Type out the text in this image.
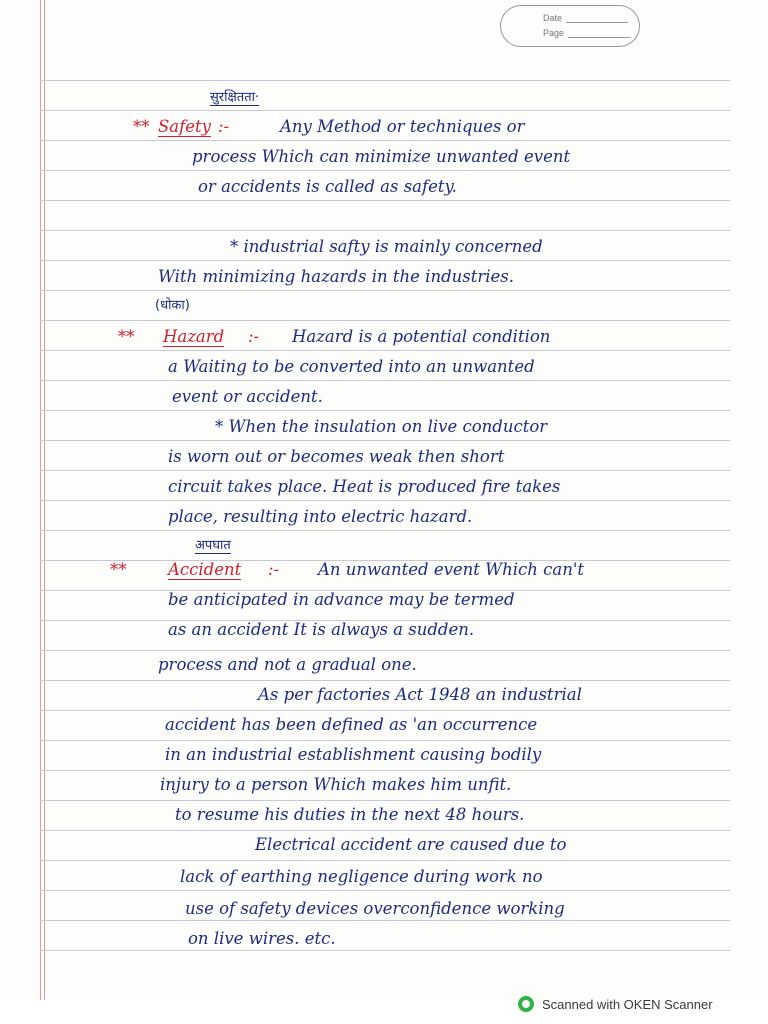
Date
Page
सुरक्षितता·
** Safety :-	Any Method or techniques or
process Which can minimize unwanted event
or accidents is called as safety.
* industrial safty is mainly concerned
With minimizing hazards in the industries.
(धोका)
** Hazard :- Hazard is a potential condition
a Waiting to be converted into an unwanted
event or accident.
* When the insulation on live conductor
is worn out or becomes weak then short
circuit takes place. Heat is produced fire takes
place, resulting into electric hazard.
अपघात
**	Accident :- An unwanted event Which can't
be anticipated in advance may be termed
as an accident It is always a sudden.
process and not a gradual one.
As per factories Act 1948 an industrial
accident has been defined as 'an occurrence
in an industrial establishment causing bodily
injury to a person Which makes him unfit.
to resume his duties in the next 48 hours.
Electrical accident are caused due to
lack of earthing negligence during work no
use of safety devices overconfidence working
on live wires. etc.
Scanned with OKEN Scanner
